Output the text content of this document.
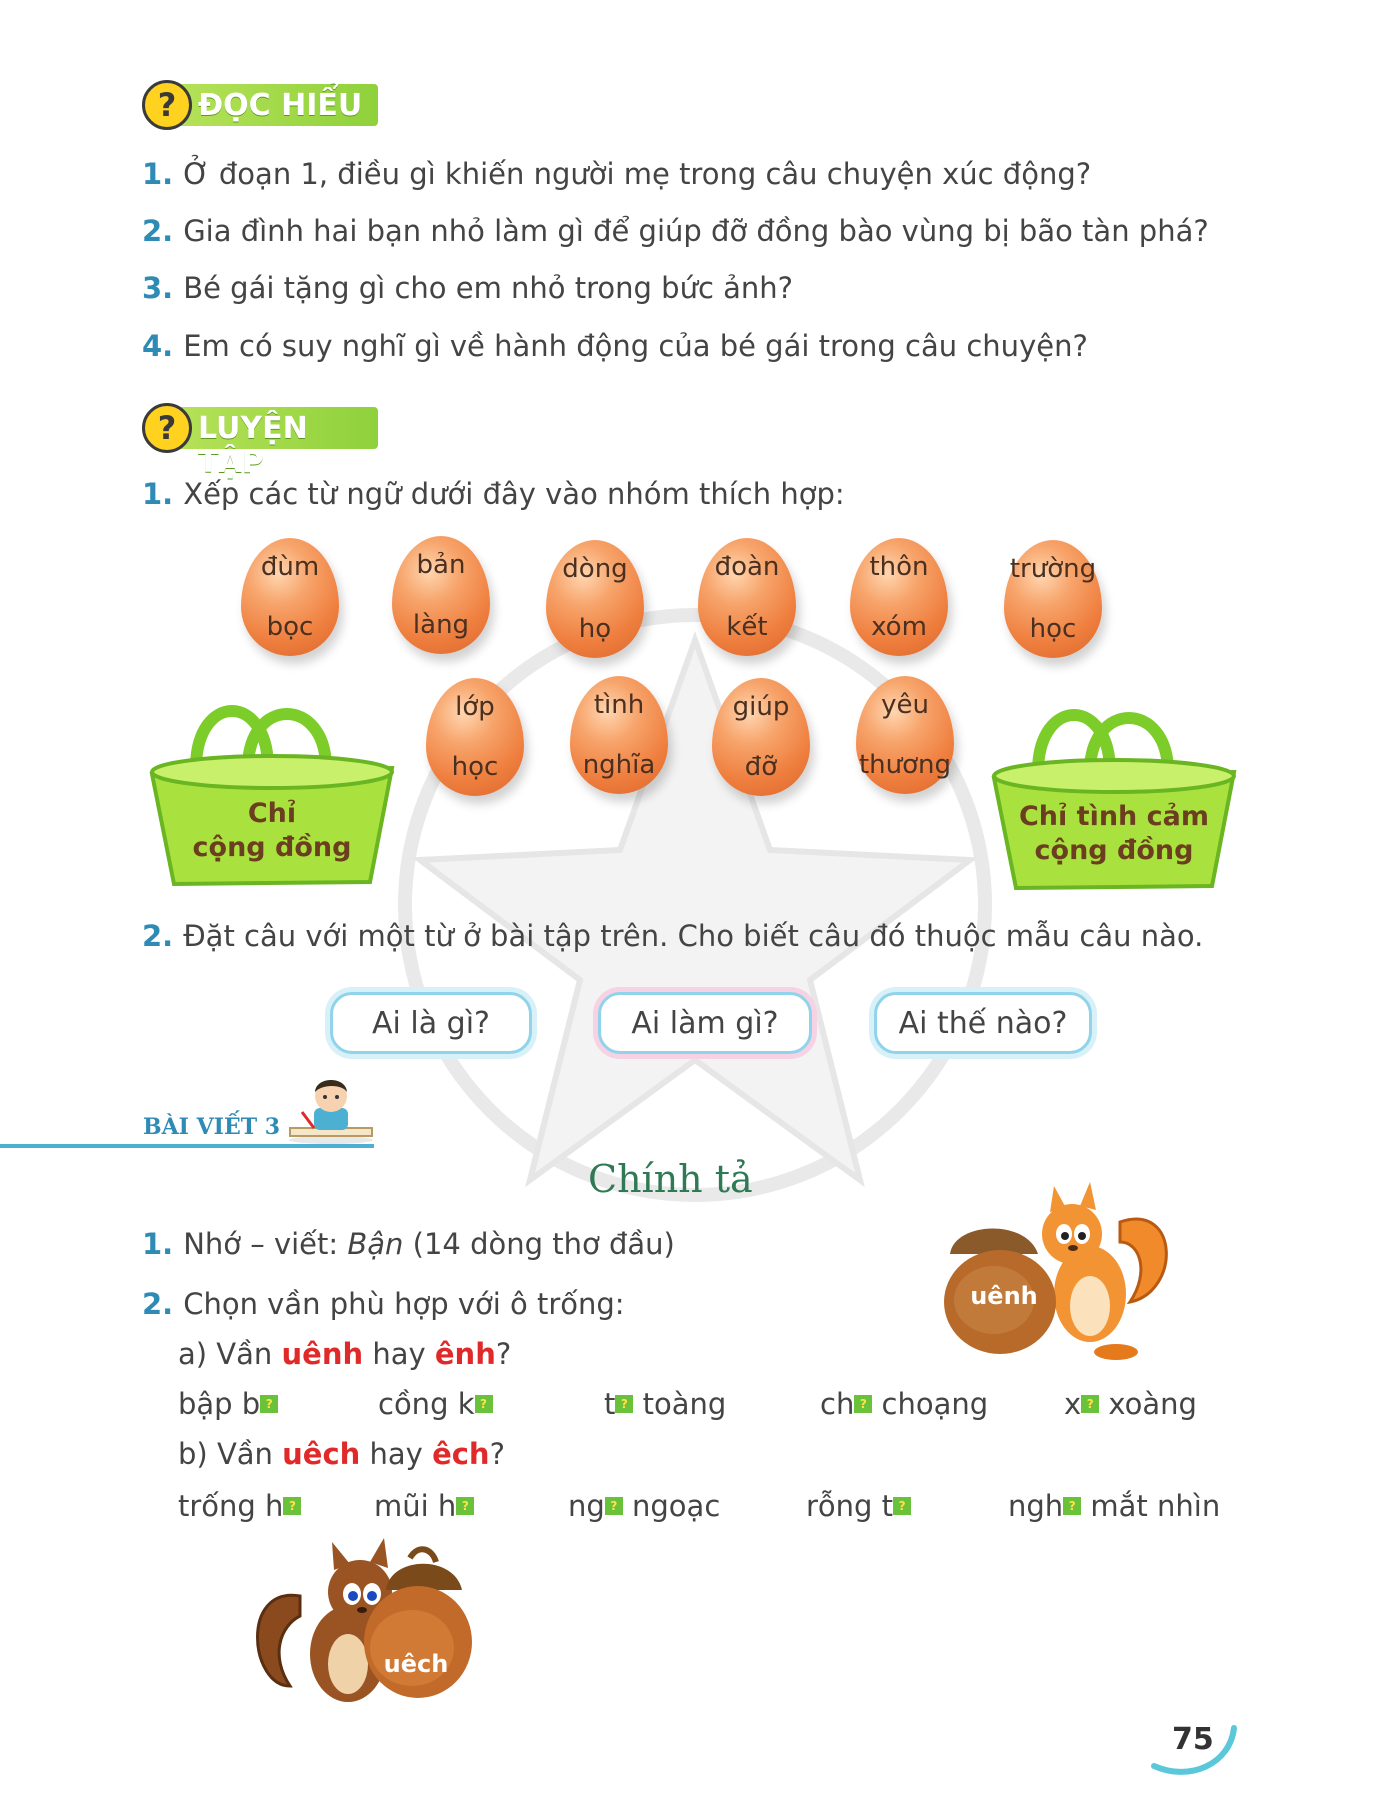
? ĐỌC HIỂU
1. Ở đoạn 1, điều gì khiến người mẹ trong câu chuyện xúc động?
2. Gia đình hai bạn nhỏ làm gì để giúp đỡ đồng bào vùng bị bão tàn phá?
3. Bé gái tặng gì cho em nhỏ trong bức ảnh?
4. Em có suy nghĩ gì về hành động của bé gái trong câu chuyện?
? LUYỆN TẬP
1. Xếp các từ ngữ dưới đây vào nhóm thích hợp:
đùm

bọc
bản

làng
dòng

họ
đoàn

kết
thôn

xóm
trường

học
lớp

học
tình

nghĩa
giúp

đỡ
yêu

thương
Chỉ
cộng đồng
Chỉ tình cảm
cộng đồng
2. Đặt câu với một từ ở bài tập trên. Cho biết câu đó thuộc mẫu câu nào.
Ai là gì?	Ai làm gì?	Ai thế nào?
BÀI VIẾT 3
Chính tả
1. Nhớ – viết: Bận (14 dòng thơ đầu)
2. Chọn vần phù hợp với ô trống:
a) Vần uênh hay ênh?
bập b ?	cồng k ?	t ? toàng	ch ? choạng	x ? xoàng
b) Vần uêch hay êch?
trống h ?	mũi h ?	ng ? ngoạc	rỗng t ?	ngh ? mắt nhìn
uênh
uêch
75
